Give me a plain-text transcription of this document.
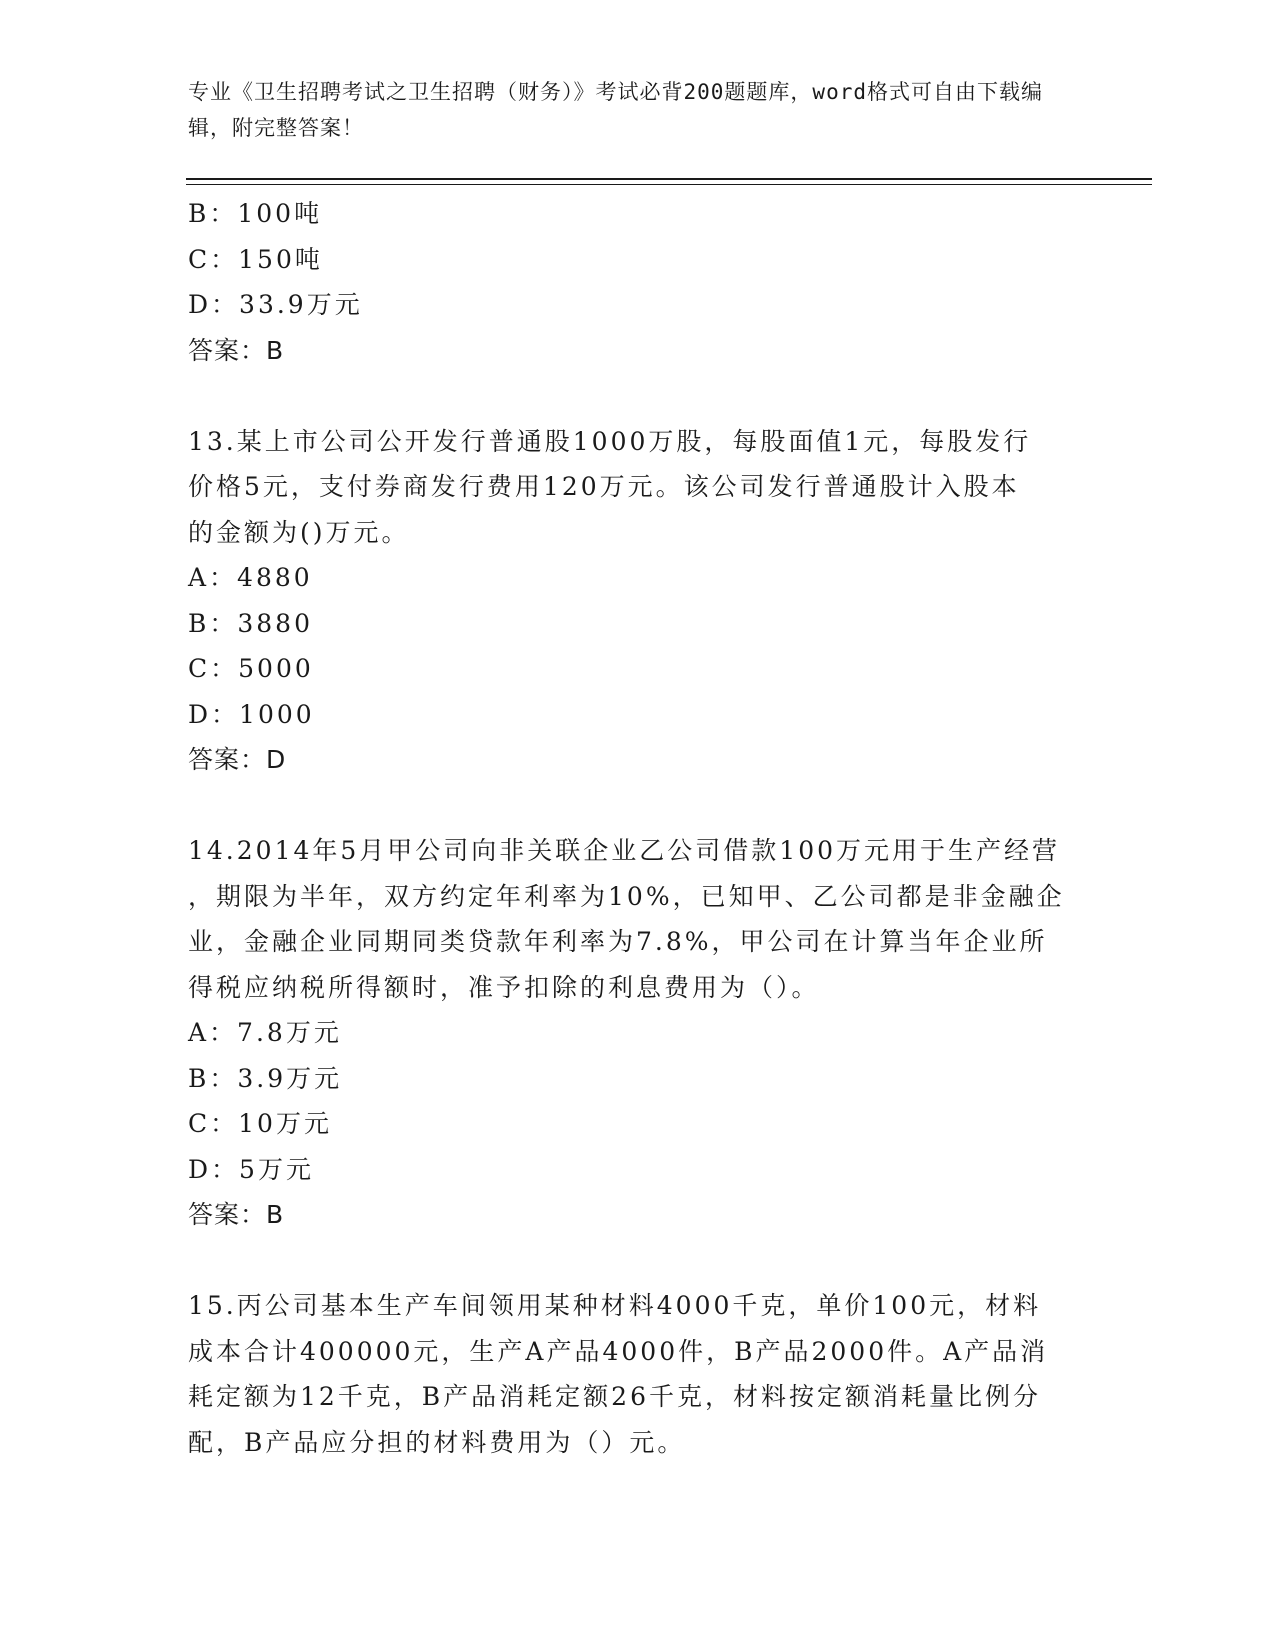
专业《卫生招聘考试之卫生招聘（财务）》考试必背200题题库，word格式可自由下载编辑，附完整答案！
B：100吨
C：150吨
D：33.9万元
答案：B
13.某上市公司公开发行普通股1000万股，每股面值1元，每股发行
价格5元，支付券商发行费用120万元。该公司发行普通股计入股本
的金额为()万元。
A：4880
B：3880
C：5000
D：1000
答案：D
14.2014年5月甲公司向非关联企业乙公司借款100万元用于生产经营
，期限为半年，双方约定年利率为10%，已知甲、乙公司都是非金融企
业，金融企业同期同类贷款年利率为7.8%，甲公司在计算当年企业所
得税应纳税所得额时，准予扣除的利息费用为（）。
A：7.8万元
B：3.9万元
C：10万元
D：5万元
答案：B
15.丙公司基本生产车间领用某种材料4000千克，单价100元，材料
成本合计400000元，生产A产品4000件，B产品2000件。A产品消
耗定额为12千克，B产品消耗定额26千克，材料按定额消耗量比例分
配，B产品应分担的材料费用为（）元。
